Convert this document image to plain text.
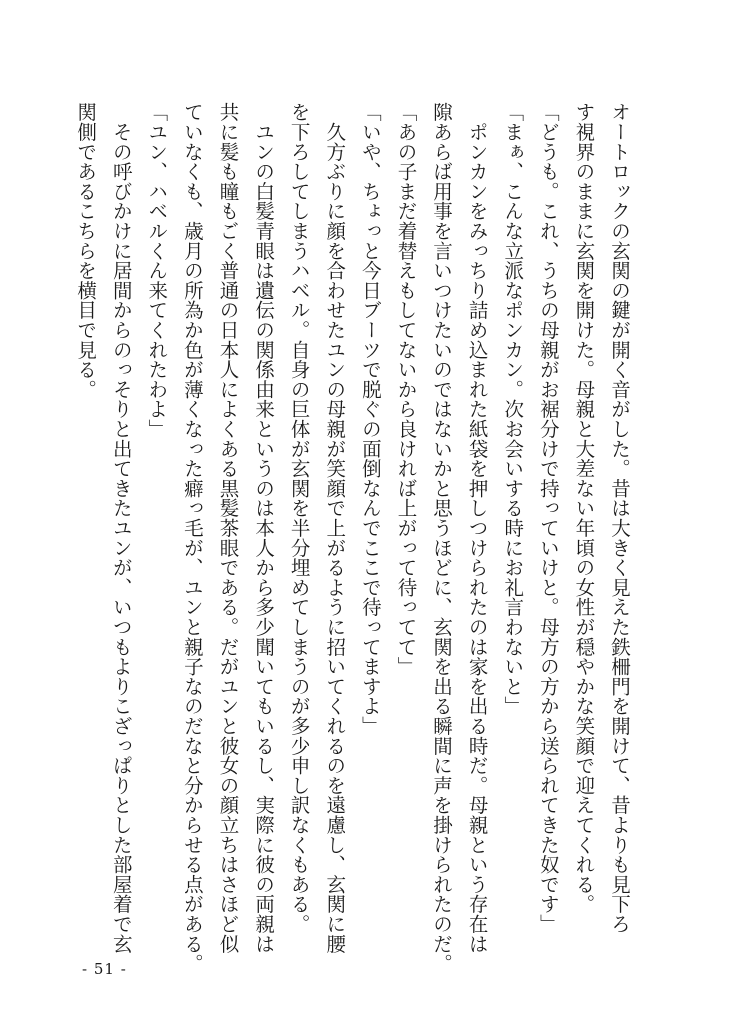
オートロックの玄関の鍵が開く音がした。昔は大きく見えた鉄柵門を開けて、昔よりも見下ろ
す視界のままに玄関を開けた。母親と大差ない年頃の女性が穏やかな笑顔で迎えてくれる。
「どうも。これ、うちの母親がお裾分けで持っていけと。母方の方から送られてきた奴です」
「まぁ、こんな立派なポンカン。次お会いする時にお礼言わないと」
　ポンカンをみっちり詰め込まれた紙袋を押しつけられたのは家を出る時だ。母親という存在は
隙あらば用事を言いつけたいのではないかと思うほどに、玄関を出る瞬間に声を掛けられたのだ。
「あの子まだ着替えもしてないから良ければ上がって待ってて」
「いや、ちょっと今日ブーツで脱ぐの面倒なんでここで待ってますよ」
　久方ぶりに顔を合わせたユンの母親が笑顔で上がるように招いてくれるのを遠慮し、玄関に腰
を下ろしてしまうハベル。自身の巨体が玄関を半分埋めてしまうのが多少申し訳なくもある。
　ユンの白髪青眼は遺伝の関係由来というのは本人から多少聞いてもいるし、実際に彼の両親は
共に髪も瞳もごく普通の日本人によくある黒髪茶眼である。だがユンと彼女の顔立ちはさほど似
ていなくも、歳月の所為か色が薄くなった癖っ毛が、ユンと親子なのだなと分からせる点がある。
「ユン、ハベルくん来てくれたわよ」
　その呼びかけに居間からのっそりと出てきたユンが、いつもよりこざっぱりとした部屋着で玄
関側であるこちらを横目で見る。
- 51 -
